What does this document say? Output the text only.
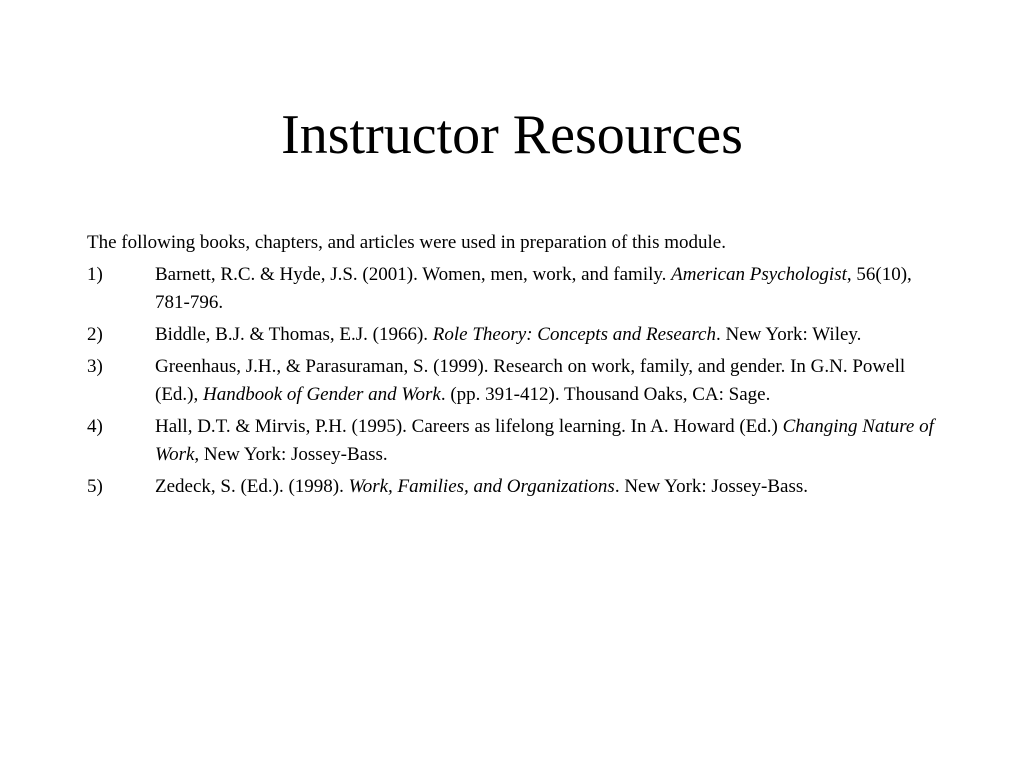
Instructor Resources

The following books, chapters, and articles were used in preparation of this module.

1)	Barnett, R.C. & Hyde, J.S. (2001). Women, men, work, and family. American Psychologist, 56(10), 781-796.
2)	Biddle, B.J. & Thomas, E.J. (1966). Role Theory: Concepts and Research. New York: Wiley.
3)	Greenhaus, J.H., & Parasuraman, S. (1999). Research on work, family, and gender. In G.N. Powell (Ed.), Handbook of Gender and Work. (pp. 391-412). Thousand Oaks, CA: Sage.
4)	Hall, D.T. & Mirvis, P.H. (1995). Careers as lifelong learning. In A. Howard (Ed.) Changing Nature of Work, New York: Jossey-Bass.
5)	Zedeck, S. (Ed.). (1998). Work, Families, and Organizations. New York: Jossey-Bass.
